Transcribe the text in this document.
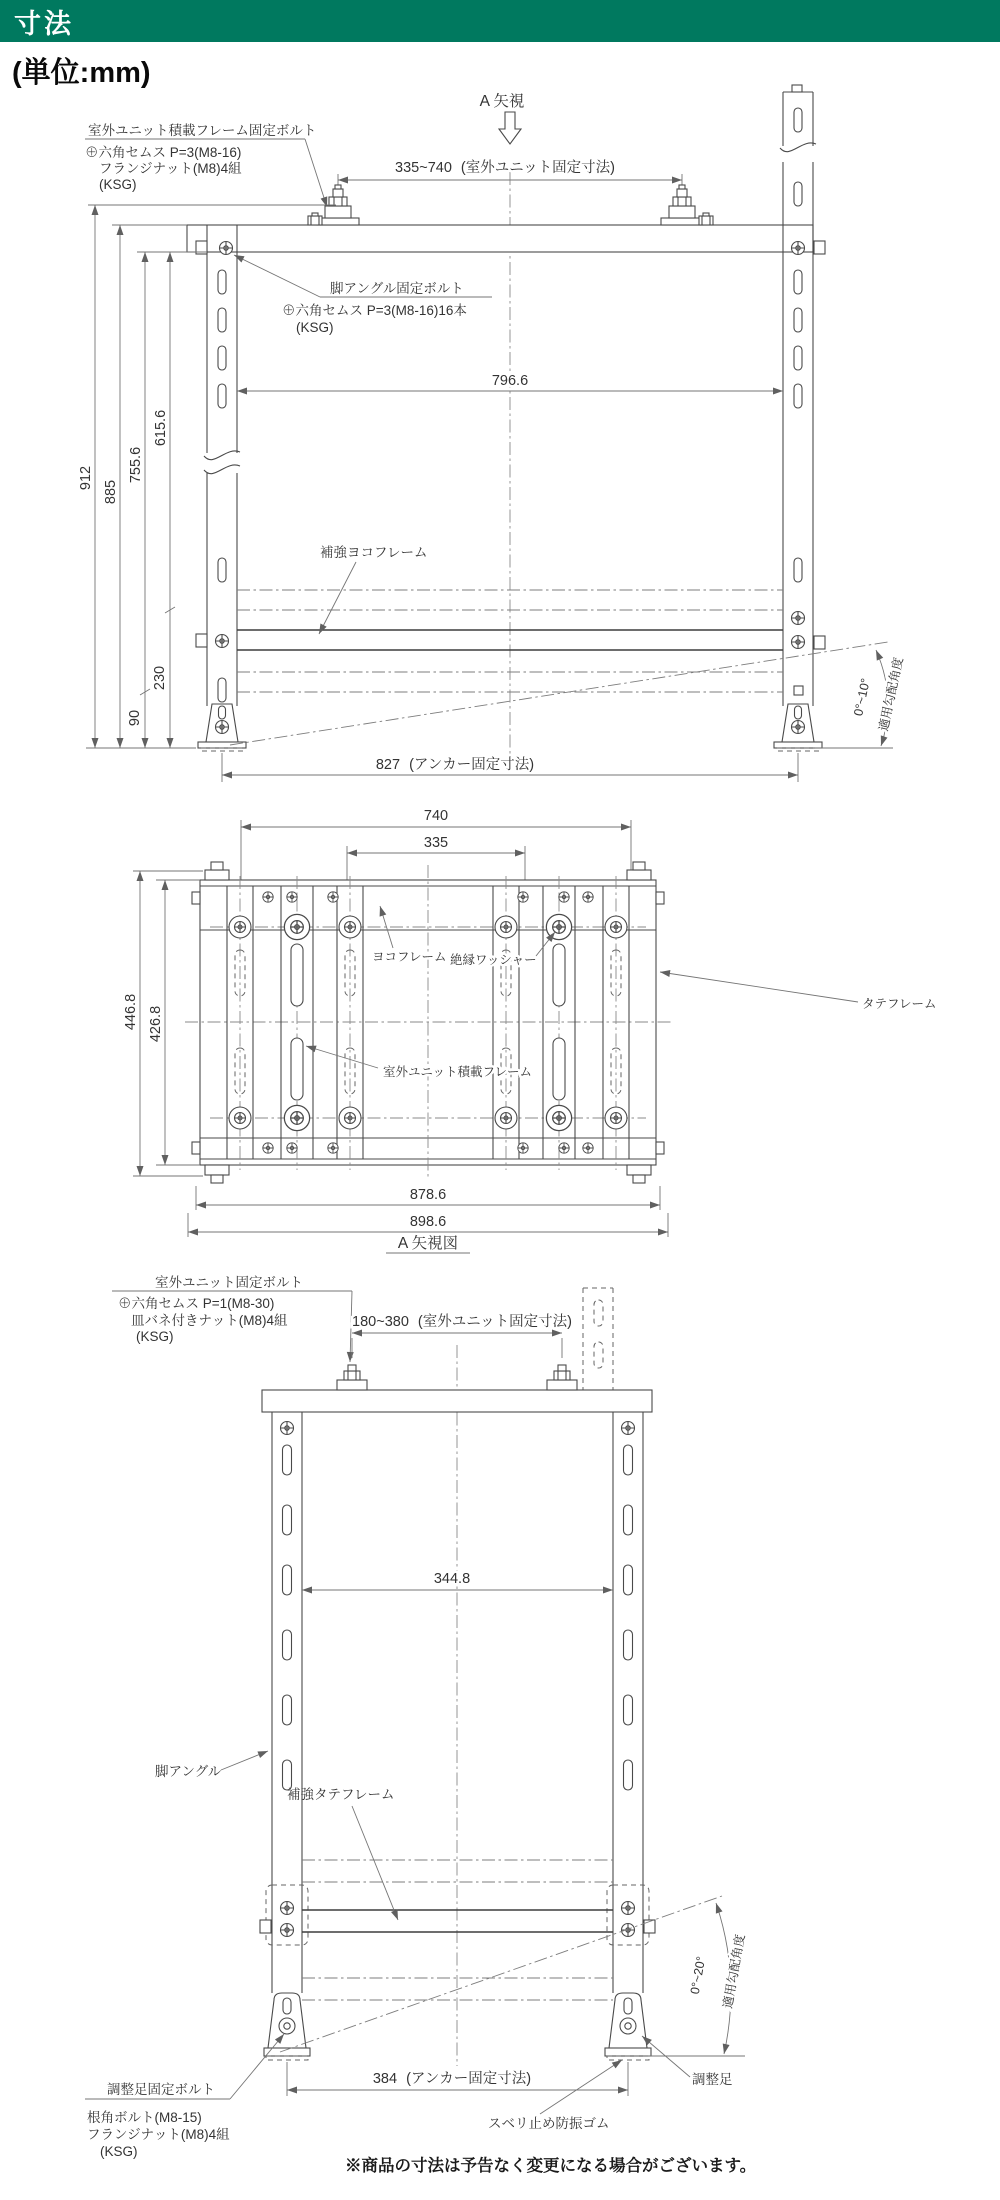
寸法
(単位:mm)
A 矢視
室外ユニット積載フレーム固定ボルト
⊕六角セムス P=3(M8-16)
フランジナット(M8)4組
(KSG)
335~740 (室外ユニット固定寸法)
補強ヨコフレーム
脚アングル固定ボルト
⊕六角セムス P=3(M8-16)16本
(KSG)
796.6
912
885
755.6
615.6
230
90
0°~10° 適用勾配角度
827 (アンカー固定寸法)
740
335
ヨコフレーム 絶縁ワッシャー
室外ユニット積載フレーム
タテフレーム
446.8 426.8
878.6
898.6
A 矢視図
室外ユニット固定ボルト
⊕六角セムス P=1(M8-30)
皿バネ付きナット(M8)4組
(KSG)
180~380 (室外ユニット固定寸法)
344.8
脚アングル
補強タテフレーム
0°~20° 適用勾配角度
調整足
スベリ止め防振ゴム
調整足固定ボルト
根角ボルト(M8-15)
フランジナット(M8)4組
(KSG)
384 (アンカー固定寸法)
※商品の寸法は予告なく変更になる場合がございます。
